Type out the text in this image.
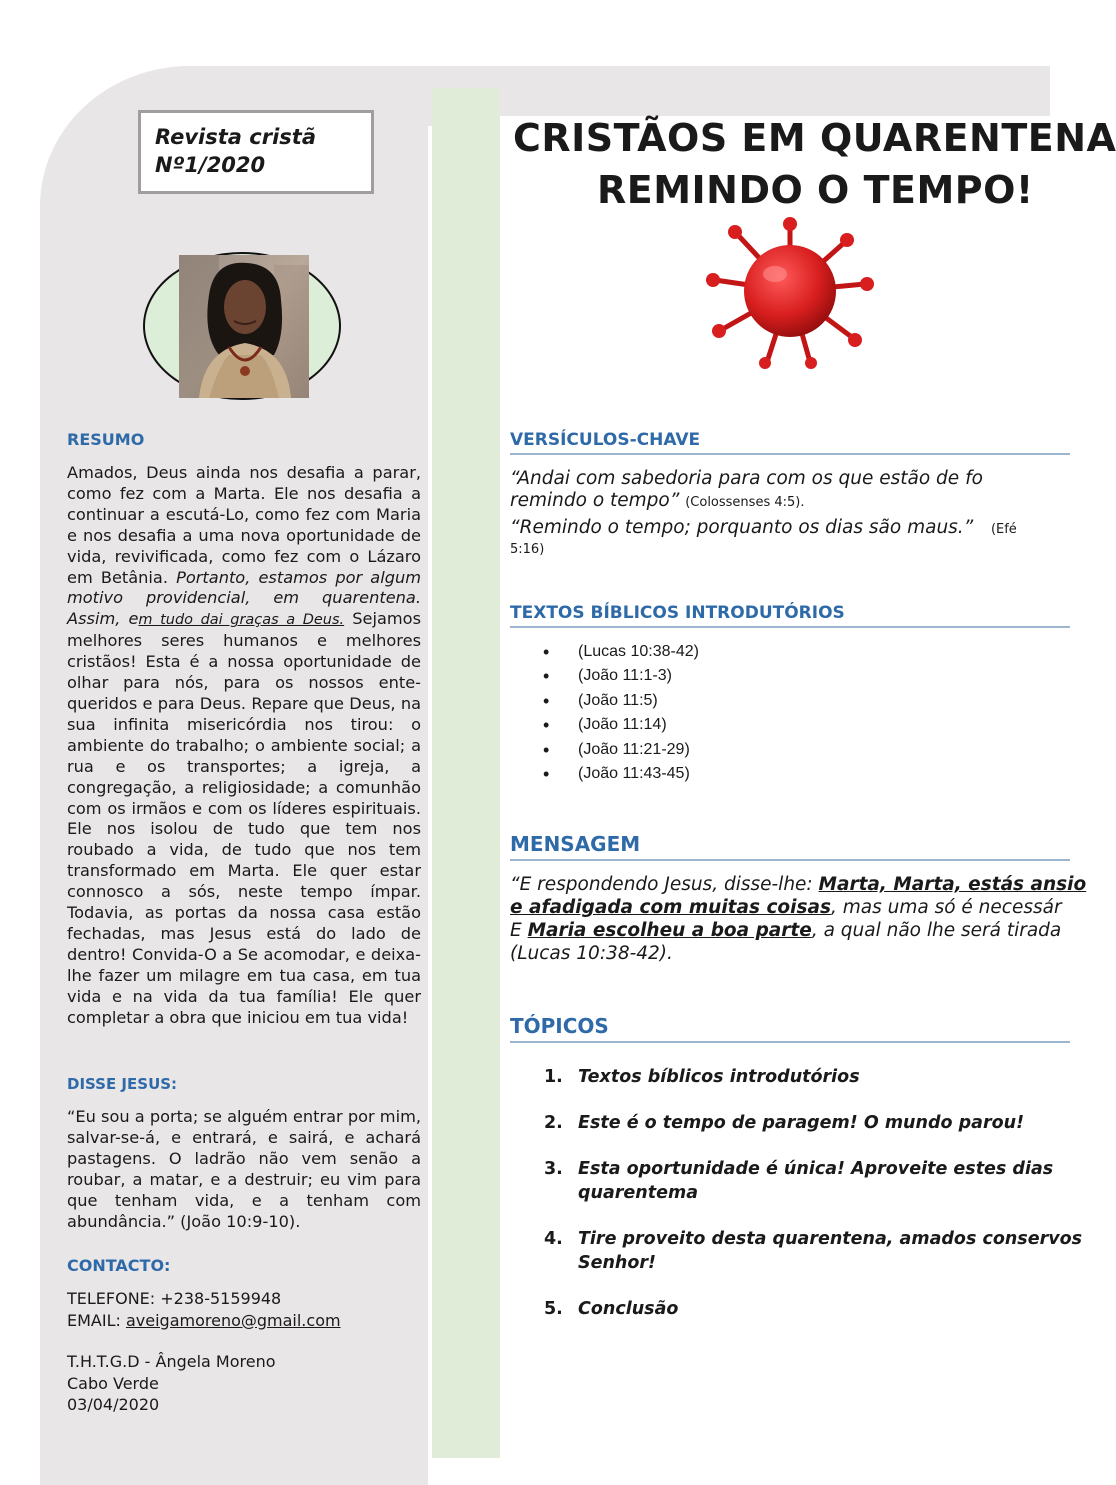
Revista cristã
Nº1/2020
CRISTÃOS EM QUARENTENA
REMINDO O TEMPO!

RESUMO

Amados, Deus ainda nos desafia a parar, como fez com a Marta. Ele nos desafia a continuar a escutá-Lo, como fez com Maria e nos desafia a uma nova oportunidade de vida, revivificada, como fez com o Lázaro em Betânia. Portanto, estamos por algum motivo providencial, em quarentena. Assim, em tudo dai graças a Deus. Sejamos melhores seres humanos e melhores cristãos! Esta é a nossa oportunidade de olhar para nós, para os nossos ente-queridos e para Deus. Repare que Deus, na sua infinita misericórdia nos tirou: o ambiente do trabalho; o ambiente social; a rua e os transportes; a igreja, a congregação, a religiosidade; a comunhão com os irmãos e com os líderes espirituais. Ele nos isolou de tudo que tem nos roubado a vida, de tudo que nos tem transformado em Marta. Ele quer estar connosco a sós, neste tempo ímpar. Todavia, as portas da nossa casa estão fechadas, mas Jesus está do lado de dentro! Convida-O a Se acomodar, e deixa-lhe fazer um milagre em tua casa, em tua vida e na vida da tua família! Ele quer completar a obra que iniciou em tua vida!

DISSE JESUS:

“Eu sou a porta; se alguém entrar por mim, salvar-se-á, e entrará, e sairá, e achará pastagens. O ladrão não vem senão a roubar, a matar, e a destruir; eu vim para que tenham vida, e a tenham com abundância.” (João 10:9-10).

CONTACTO:

TELEFONE: +238-5159948
EMAIL: aveigamoreno@gmail.com
T.H.T.G.D - Ângela Moreno
Cabo Verde
03/04/2020

VERSÍCULOS-CHAVE

“Andai com sabedoria para com os que estão de fo

remindo o tempo” (Colossenses 4:5).

“Remindo o tempo; porquanto os dias são maus.” (Efé

5:16)

TEXTOS BÍBLICOS INTRODUTÓRIOS

• (Lucas 10:38-42)
• (João 11:1-3)
• (João 11:5)
• (João 11:14)
• (João 11:21-29)
• (João 11:43-45)

MENSAGEM

“E respondendo Jesus, disse-lhe: Marta, Marta, estás ansio

e afadigada com muitas coisas, mas uma só é necessár

E Maria escolheu a boa parte, a qual não lhe será tirada

(Lucas 10:38-42).

TÓPICOS

1. Textos bíblicos introdutórios
2. Este é o tempo de paragem! O mundo parou!
3. Esta oportunidade é única! Aproveite estes dias
quarentema
4. Tire proveito desta quarentena, amados conservos
Senhor!
5. Conclusão
